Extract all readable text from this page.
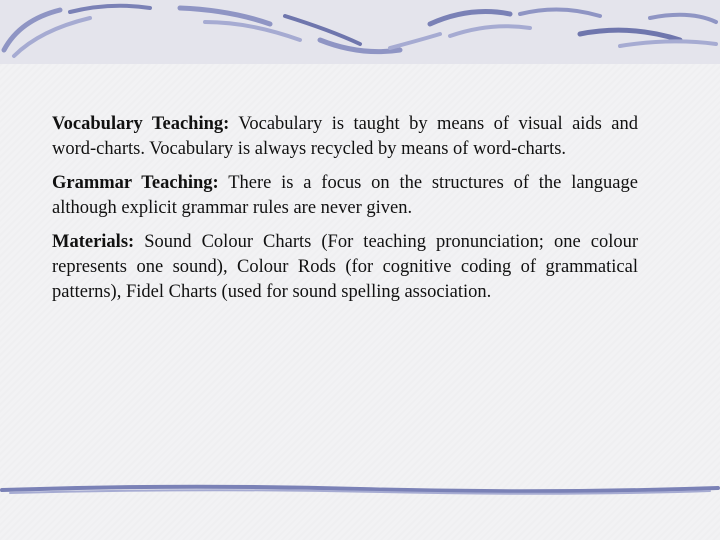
Vocabulary Teaching: Vocabulary is taught by means of visual aids and word-charts. Vocabulary is always recycled by means of word-charts.

Grammar Teaching: There is a focus on the structures of the language although explicit grammar rules are never given.

Materials: Sound Colour Charts (For teaching pronunciation; one colour represents one sound), Colour Rods (for cognitive coding of grammatical patterns), Fidel Charts (used for sound spelling association.
